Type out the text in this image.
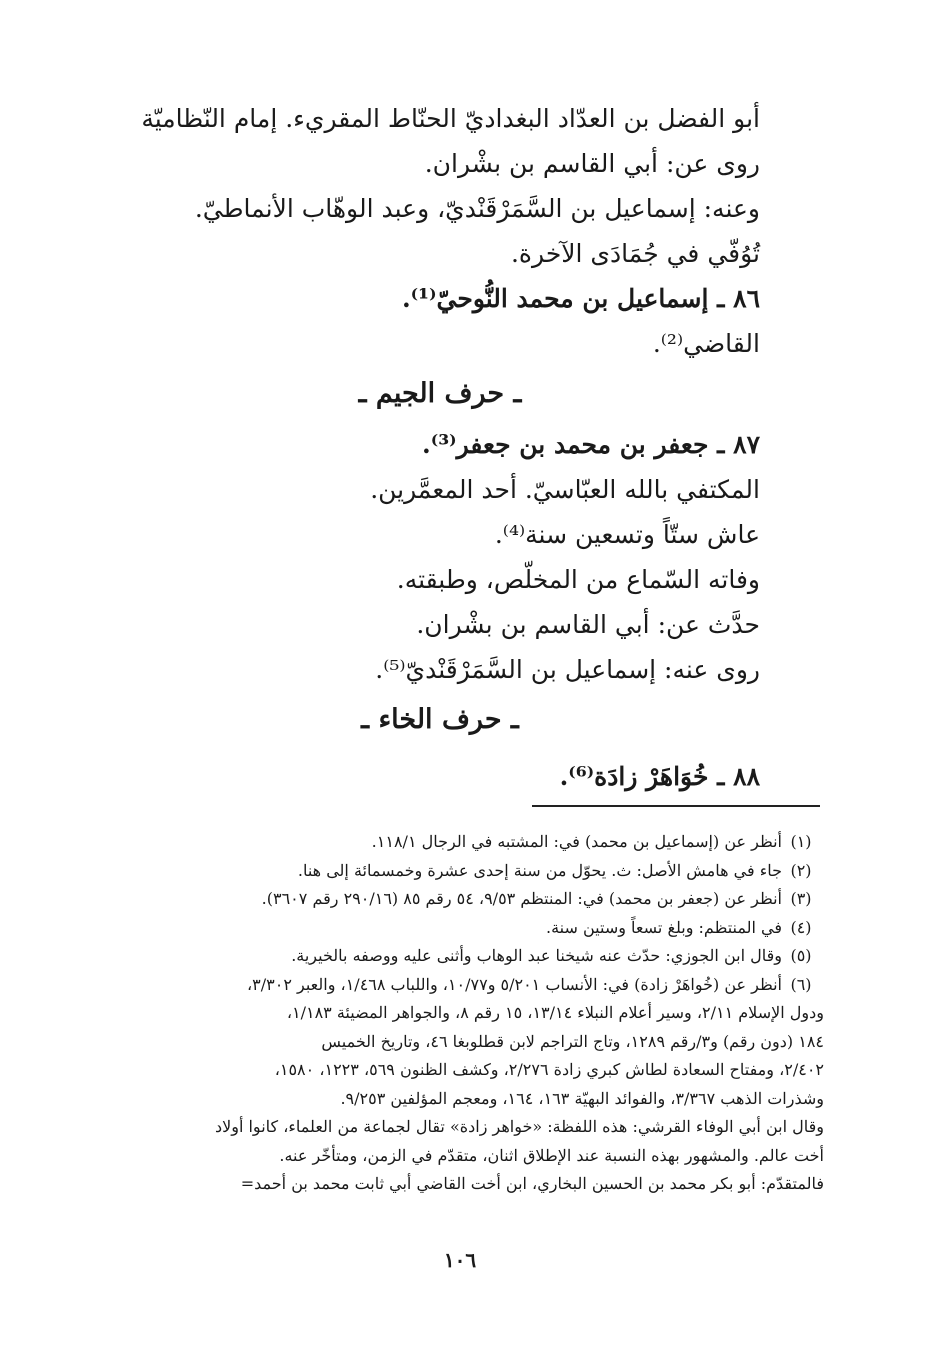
أبو الفضل بن العدّاد البغداديّ الحنّاط المقريء. إمام النّظاميّة
روى عن: أبي القاسم بن بشْران.
وعنه: إسماعيل بن السَّمَرْقَنْديّ، وعبد الوهّاب الأنماطيّ.
تُوُفّي في جُمَادَى الآخرة.
٨٦ ـ إسماعيل بن محمد النُّوحيّ⁽¹⁾.
القاضي⁽²⁾.
ـ حرف الجيم ـ
٨٧ ـ جعفر بن محمد بن جعفر⁽³⁾.
المكتفي بالله العبّاسيّ. أحد المعمَّرين.
عاش ستّاً وتسعين سنة⁽⁴⁾.
وفاته السّماع من المخلّص، وطبقته.
حدَّث عن: أبي القاسم بن بشْران.
روى عنه: إسماعيل بن السَّمَرْقَنْديّ⁽⁵⁾.
ـ حرف الخاء ـ
٨٨ ـ خُوَاهَرْ زادَة⁽⁶⁾.
(١)
أنظر عن (إسماعيل بن محمد) في: المشتبه في الرجال ١١٨/١.
(٢)
جاء في هامش الأصل: ث. يحوّل من سنة إحدى عشرة وخمسمائة إلى هنا.
(٣)
أنظر عن (جعفر بن محمد) في: المنتظم ٩/٥٣، ٥٤ رقم ٨٥ (٢٩٠/١٦ رقم ٣٦٠٧).
(٤)
في المنتظم: وبلغ تسعاً وستين سنة.
(٥)
وقال ابن الجوزي: حدّث عنه شيخنا عبد الوهاب وأثنى عليه ووصفه بالخيرية.
(٦)
أنظر عن (خُواهَرْ زادة) في: الأنساب ٥/٢٠١ و١٠/٧٧، واللباب ١/٤٦٨، والعبر ٣/٣٠٢،
ودول الإسلام ٢/١١، وسير أعلام النبلاء ١٣/١٤، ١٥ رقم ٨، والجواهر المضيئة ١/١٨٣،
١٨٤ (دون رقم) و٣/رقم ١٢٨٩، وتاج التراجم لابن قطلوبغا ٤٦، وتاريخ الخميس
٢/٤٠٢، ومفتاح السعادة لطاش كبري زادة ٢/٢٧٦، وكشف الظنون ٥٦٩، ١٢٢٣، ١٥٨٠،
وشذرات الذهب ٣/٣٦٧، والفوائد البهيّة ١٦٣، ١٦٤، ومعجم المؤلفين ٩/٢٥٣.
وقال ابن أبي الوفاء القرشي: هذه اللفظة: «خواهر زادة» تقال لجماعة من العلماء، كانوا أولاد
أخت عالم. والمشهور بهذه النسبة عند الإطلاق اثنان، متقدّم في الزمن، ومتأخّر عنه.
فالمتقدّم: أبو بكر محمد بن الحسين البخاري، ابن أخت القاضي أبي ثابت محمد بن أحمد=
١٠٦
